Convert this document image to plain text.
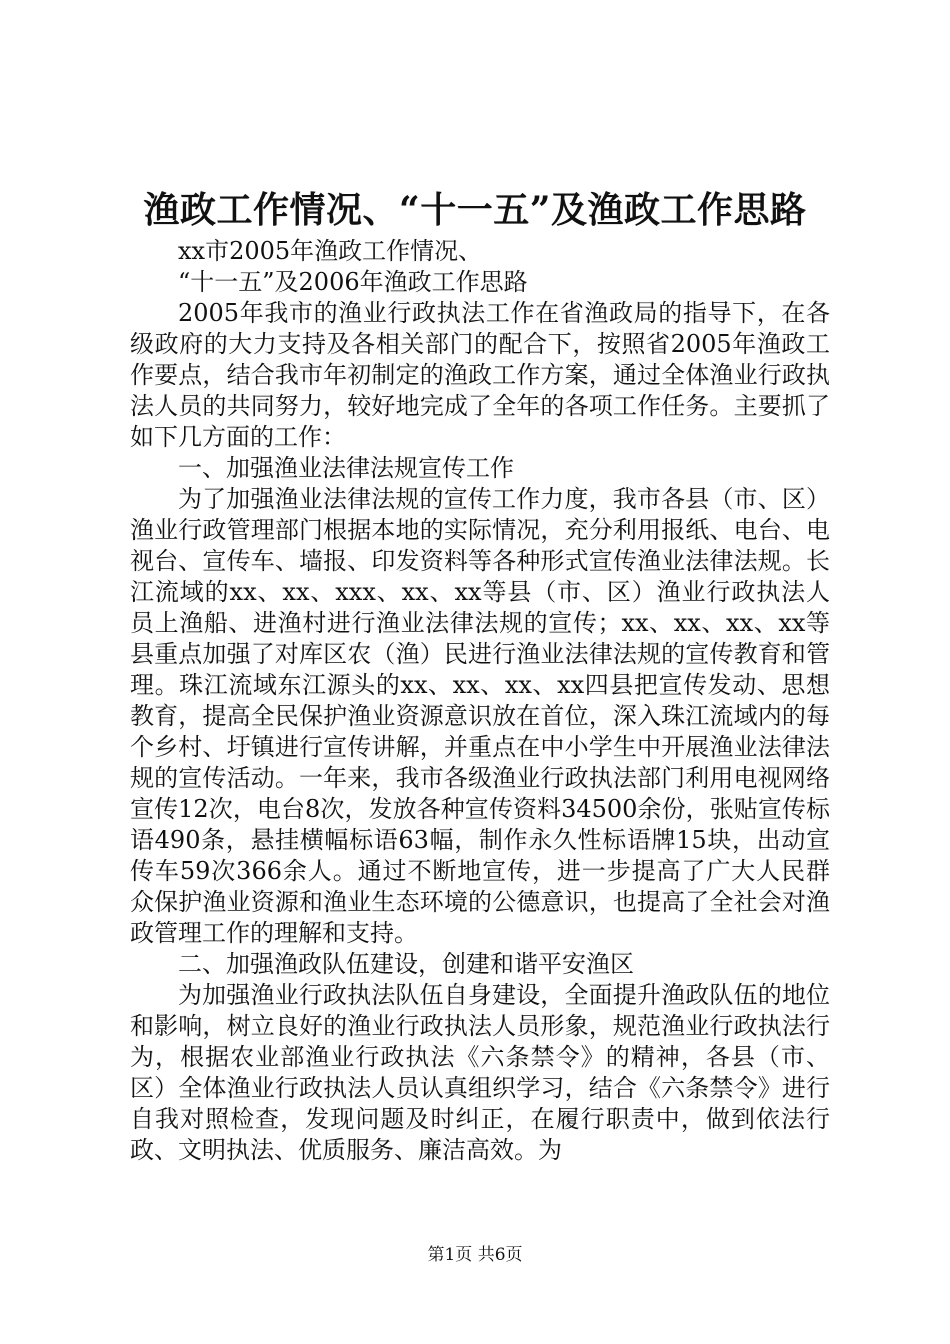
渔政工作情况、“十一五”及渔政工作思路

xx市2005年渔政工作情况、

“十一五”及2006年渔政工作思路

2005年我市的渔业行政执法工作在省渔政局的指导下，在各级政府的大力支持及各相关部门的配合下，按照省2005年渔政工作要点，结合我市年初制定的渔政工作方案，通过全体渔业行政执法人员的共同努力，较好地完成了全年的各项工作任务。主要抓了如下几方面的工作：

一、加强渔业法律法规宣传工作

为了加强渔业法律法规的宣传工作力度，我市各县（市、区）渔业行政管理部门根据本地的实际情况，充分利用报纸、电台、电视台、宣传车、墙报、印发资料等各种形式宣传渔业法律法规。长江流域的xx、xx、xxx、xx、xx等县（市、区）渔业行政执法人员上渔船、进渔村进行渔业法律法规的宣传；xx、xx、xx、xx等县重点加强了对库区农（渔）民进行渔业法律法规的宣传教育和管理。珠江流域东江源头的xx、xx、xx、xx四县把宣传发动、思想教育，提高全民保护渔业资源意识放在首位，深入珠江流域内的每个乡村、圩镇进行宣传讲解，并重点在中小学生中开展渔业法律法规的宣传活动。一年来，我市各级渔业行政执法部门利用电视网络宣传12次，电台8次，发放各种宣传资料34500余份，张贴宣传标语490条，悬挂横幅标语63幅，制作永久性标语牌15块，出动宣传车59次366余人。通过不断地宣传，进一步提高了广大人民群众保护渔业资源和渔业生态环境的公德意识，也提高了全社会对渔政管理工作的理解和支持。

二、加强渔政队伍建设，创建和谐平安渔区

为加强渔业行政执法队伍自身建设，全面提升渔政队伍的地位和影响，树立良好的渔业行政执法人员形象，规范渔业行政执法行为，根据农业部渔业行政执法《六条禁令》的精神，各县（市、区）全体渔业行政执法人员认真组织学习，结合《六条禁令》进行自我对照检查，发现问题及时纠正，在履行职责中，做到依法行政、文明执法、优质服务、廉洁高效。为

第1页 共6页
